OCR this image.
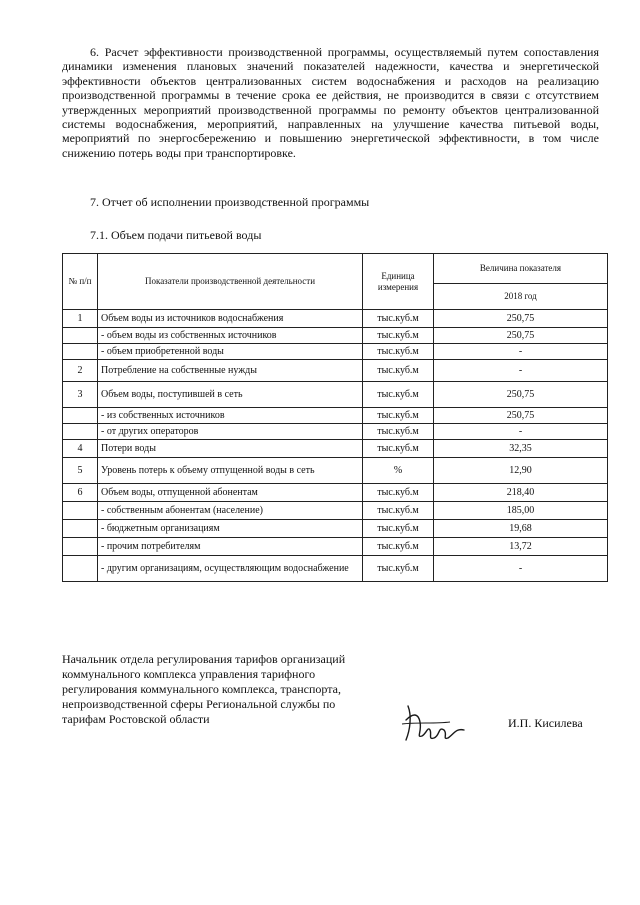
6. Расчет эффективности производственной программы, осуществляемый путем сопоставления динамики изменения плановых значений показателей надежности, качества и энергетической эффективности объектов централизованных систем водоснабжения и расходов на реализацию производственной программы в течение срока ее действия, не производится в связи с отсутствием утвержденных мероприятий производственной программы по ремонту объектов централизованной системы водоснабжения, мероприятий, направленных на улучшение качества питьевой воды, мероприятий по энергосбережению и повышению энергетической эффективности, в том числе снижению потерь воды при транспортировке.
7. Отчет об исполнении производственной программы
7.1. Объем подачи питьевой воды
№ п/п	Показатели производственной деятельности	Единица измерения	Величина показателя
			2018 год
1	Объем воды из источников водоснабжения	тыс.куб.м	250,75
	- объем воды из собственных источников	тыс.куб.м	250,75
	- объем приобретенной воды	тыс.куб.м	-
2	Потребление на собственные нужды	тыс.куб.м	-
3	Объем воды, поступившей в сеть	тыс.куб.м	250,75
	- из собственных источников	тыс.куб.м	250,75
	- от других операторов	тыс.куб.м	-
4	Потери воды	тыс.куб.м	32,35
5	Уровень потерь к объему отпущенной воды в сеть	%	12,90
6	Объем воды, отпущенной абонентам	тыс.куб.м	218,40
	- собственным абонентам (население)	тыс.куб.м	185,00
	- бюджетным организациям	тыс.куб.м	19,68
	- прочим потребителям	тыс.куб.м	13,72
	- другим организациям, осуществляющим водоснабжение	тыс.куб.м	-
Начальник отдела регулирования тарифов организаций коммунального комплекса управления тарифного регулирования коммунального комплекса, транспорта, непроизводственной сферы Региональной службы по тарифам Ростовской области	И.П. Кисилева
